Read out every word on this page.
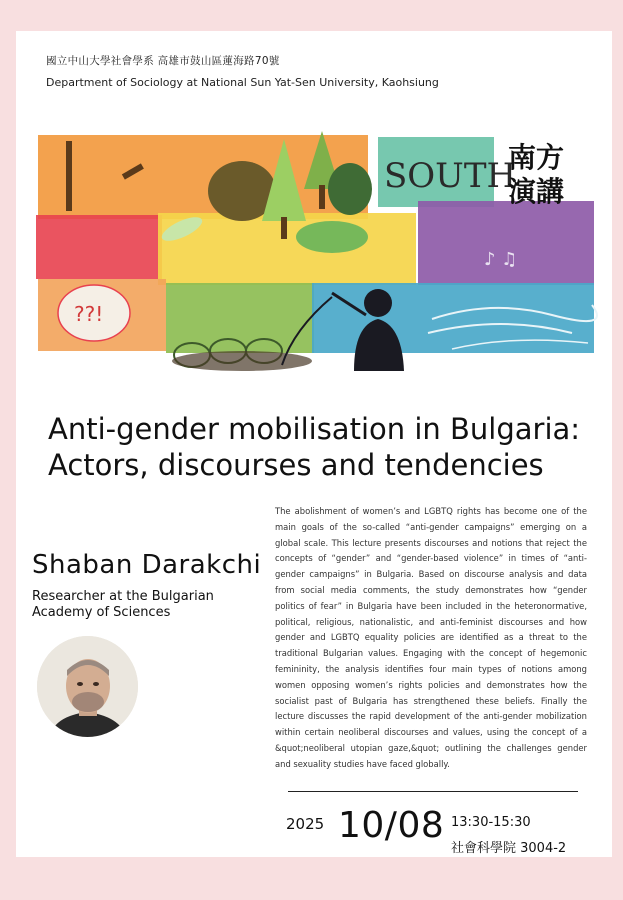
國立中山大學社會學系 高雄市鼓山區蓮海路70號
Department of Sociology at National Sun Yat-Sen University, Kaohsiung
SOUTH
南方
演講
??!
♪ ♫
Anti-gender mobilisation in Bulgaria:
Actors, discourses and tendencies
Shaban Darakchi
Researcher at the Bulgarian
Academy of Sciences

The abolishment of women’s and LGBTQ rights has become one of the main goals of the so-called “anti-gender campaigns” emerging on a global scale. This lecture presents discourses and notions that reject the concepts of “gender” and “gender-based violence” in times of “anti-gender campaigns” in Bulgaria. Based on discourse analysis and data from social media comments, the study demonstrates how “gender politics of fear” in Bulgaria have been included in the heteronormative, political, religious, nationalistic, and anti-feminist discourses and how gender and LGBTQ equality policies are identified as a threat to the traditional Bulgarian values. Engaging with the concept of hegemonic femininity, the analysis identifies four main types of notions among women opposing women’s rights policies and demonstrates how the socialist past of Bulgaria has strengthened these beliefs. Finally the lecture discusses the rapid development of the anti-gender mobilization within certain neoliberal discourses and values, using the concept of a &quot;neoliberal utopian gaze,&quot; outlining the challenges gender and sexuality studies have faced globally.

2025 10/08 13:30-15:30
社會科學院 3004-2
